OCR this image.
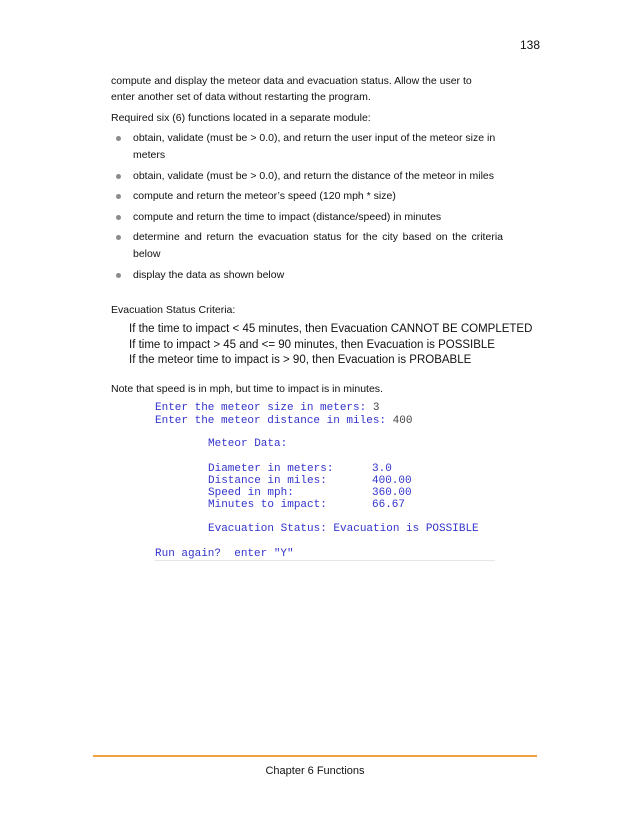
138

compute and display the meteor data and evacuation status. Allow the user to
enter another set of data without restarting the program.

Required six (6) functions located in a separate module:

obtain, validate (must be > 0.0), and return the user input of the meteor size in
meters
obtain, validate (must be > 0.0), and return the distance of the meteor in miles
compute and return the meteor’s speed (120 mph * size)
compute and return the time to impact (distance/speed) in minutes
determine and return the evacuation status for the city based on the criteria
below
display the data as shown below

Evacuation Status Criteria:

If the time to impact < 45 minutes, then Evacuation CANNOT BE COMPLETED
If time to impact > 45 and <= 90 minutes, then Evacuation is POSSIBLE
If the meteor time to impact is > 90, then Evacuation is PROBABLE

Note that speed is in mph, but time to impact is in minutes.

Enter the meteor size in meters: 3
Enter the meteor distance in miles: 400
Meteor Data:
Diameter in meters:	3.0
Distance in miles:	400.00
Speed in mph:	360.00
Minutes to impact:	66.67
Evacuation Status: Evacuation is POSSIBLE
Run again?  enter "Y"
Chapter 6 Functions
